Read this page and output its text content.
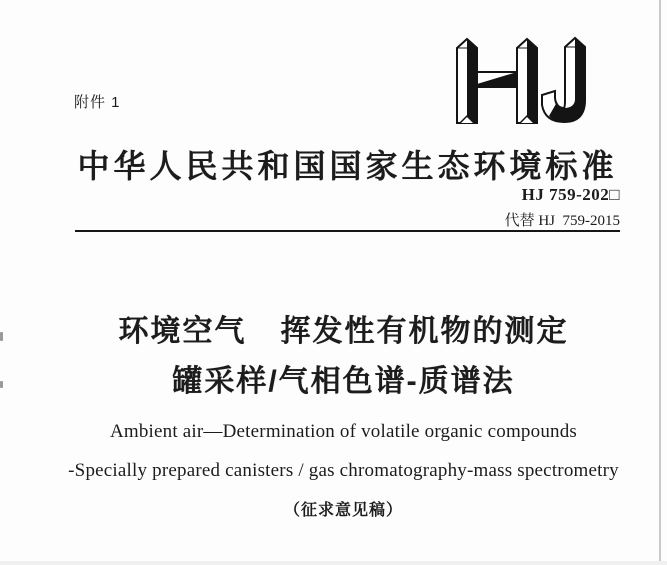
附件 1
中华人民共和国国家生态环境标准
HJ 759-202□
代替 HJ  759-2015
环境空气 挥发性有机物的测定
罐采样/气相色谱-质谱法
Ambient air—Determination of volatile organic compounds
-Specially prepared canisters / gas chromatography-mass spectrometry
（征求意见稿）
